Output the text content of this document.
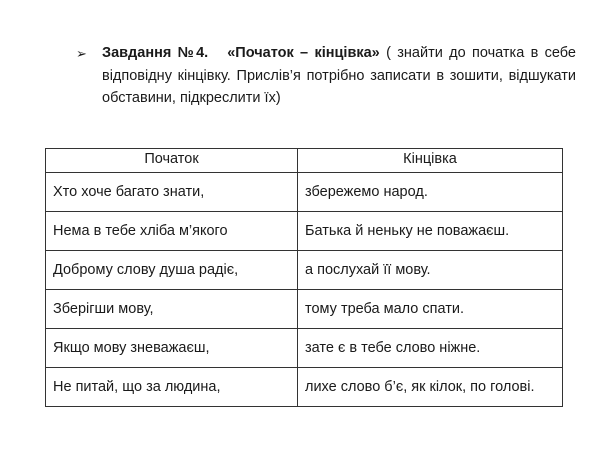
➢ Завдання №4. «Початок – кінцівка» ( знайти до початка в себе відповідну кінцівку. Прислів’я потрібно записати в зошити, відшукати обставини, підкреслити їх)
Початок	Кінцівка
Хто хоче багато знати,	збережемо народ.
Нема в тебе хліба м’якого	Батька й неньку не поважаєш.
Доброму слову душа радіє,	а послухай її мову.
Зберігши мову,	тому треба мало спати.
Якщо мову зневажаєш,	зате є в тебе слово ніжне.
Не питай, що за людина,	лихе слово б’є, як кілок, по голові.
